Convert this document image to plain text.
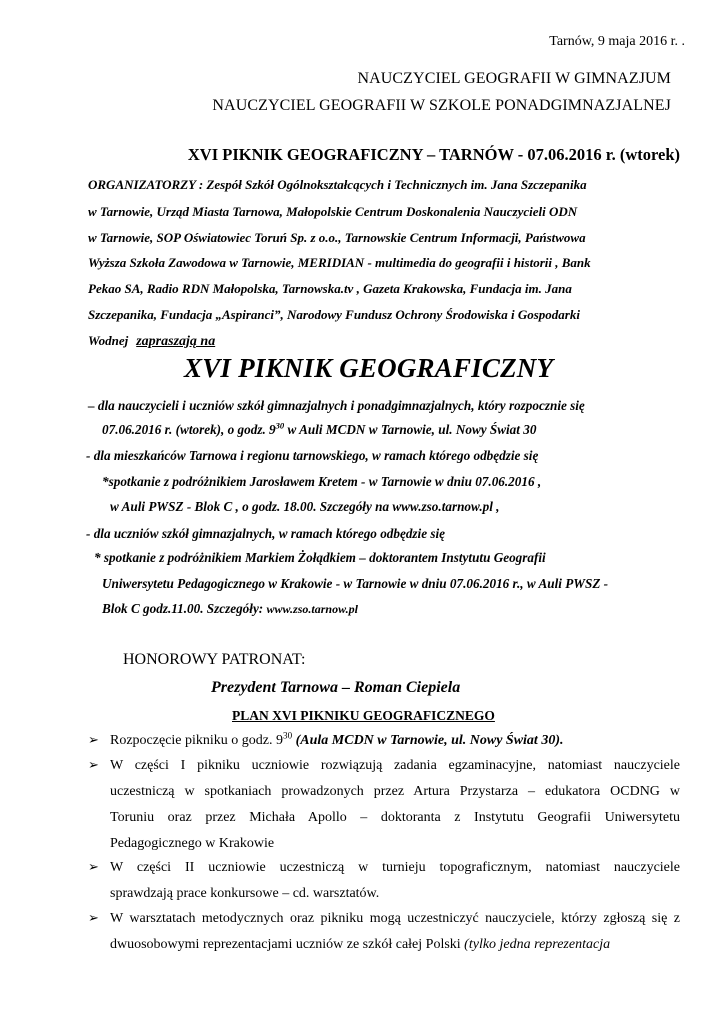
Tarnów, 9 maja 2016 r. .
NAUCZYCIEL GEOGRAFII W GIMNAZJUM
NAUCZYCIEL GEOGRAFII W SZKOLE PONADGIMNAZJALNEJ
XVI PIKNIK GEOGRAFICZNY – TARNÓW - 07.06.2016 r. (wtorek)
ORGANIZATORZY : Zespół Szkół Ogólnokształcących i Technicznych im. Jana Szczepanika
w Tarnowie, Urząd Miasta Tarnowa, Małopolskie Centrum Doskonalenia Nauczycieli ODN
w Tarnowie, SOP Oświatowiec Toruń Sp. z o.o., Tarnowskie Centrum Informacji, Państwowa
Wyższa Szkoła Zawodowa w Tarnowie, MERIDIAN - multimedia do geografii i historii , Bank
Pekao SA, Radio RDN Małopolska, Tarnowska.tv , Gazeta Krakowska, Fundacja im. Jana
Szczepanika, Fundacja „Aspiranci”, Narodowy Fundusz Ochrony Środowiska i Gospodarki
Wodnej zapraszają na
XVI PIKNIK GEOGRAFICZNY
– dla nauczycieli i uczniów szkół gimnazjalnych i ponadgimnazjalnych, który rozpocznie się
07.06.2016 r. (wtorek), o godz. $9^{30}$ w Auli MCDN w Tarnowie, ul. Nowy Świat 30
- dla mieszkańców Tarnowa i regionu tarnowskiego, w ramach którego odbędzie się
*spotkanie z podróżnikiem Jarosławem Kretem - w Tarnowie w dniu 07.06.2016 ,
w Auli PWSZ - Blok C , o godz. 18.00. Szczegóły na www.zso.tarnow.pl ,
- dla uczniów szkół gimnazjalnych, w ramach którego odbędzie się
* spotkanie z podróżnikiem Markiem Żołądkiem – doktorantem Instytutu Geografii
Uniwersytetu Pedagogicznego w Krakowie - w Tarnowie w dniu 07.06.2016 r., w Auli PWSZ -
Blok C godz.11.00. Szczegóły: www.zso.tarnow.pl
HONOROWY PATRONAT:
Prezydent Tarnowa – Roman Ciepiela
PLAN XVI PIKNIKU GEOGRAFICZNEGO
➢ Rozpoczęcie pikniku o godz. $9^{30}$ (Aula MCDN w Tarnowie, ul. Nowy Świat 30).
➢ W części I pikniku uczniowie rozwiązują zadania egzaminacyjne, natomiast nauczyciele
uczestniczą w spotkaniach prowadzonych przez Artura Przystarza – edukatora OCDNG w
Toruniu oraz przez Michała Apollo – doktoranta z Instytutu Geografii Uniwersytetu
Pedagogicznego w Krakowie
➢ W części II uczniowie uczestniczą w turnieju topograficznym, natomiast nauczyciele
sprawdzają prace konkursowe – cd. warsztatów.
➢ W warsztatach metodycznych oraz pikniku mogą uczestniczyć nauczyciele, którzy zgłoszą się z
dwuosobowymi reprezentacjami uczniów ze szkół całej Polski (tylko jedna reprezentacja
